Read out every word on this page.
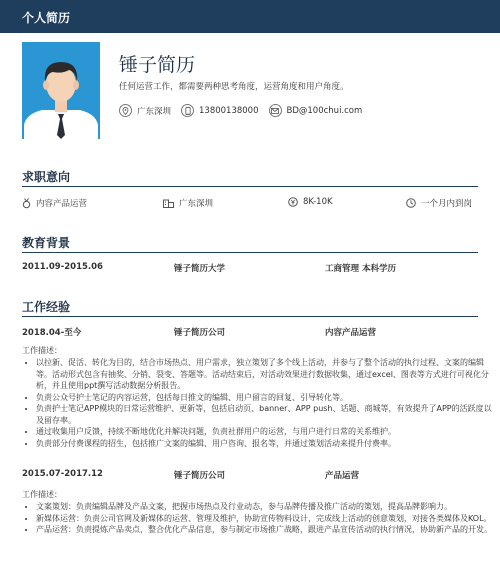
个人简历
锤子简历
任何运营工作，都需要两种思考角度，运营角度和用户角度。
广东深圳	13800138000	BD@100chui.com
求职意向
内容产品运营	广东深圳	8K-10K	一个月内到岗
教育背景
2011.09-2015.06	锤子简历大学	工商管理 本科学历
工作经验
2018.04-至今	锤子简历公司	内容产品运营
工作描述：
• 以拉新、促活、转化为目的，结合市场热点、用户需求，独立策划了多个线上活动，并参与了整个活动的执行过程、文案的编辑等。活动形式包含有抽奖、分销、裂变、答题等。活动结束后，对活动效果进行数据收集，通过excel、图表等方式进行可视化分析，并且使用ppt撰写活动数据分析报告。
• 负责公众号护士笔记的内容运营，包括每日推文的编辑、用户留言的回复、引导转化等。
• 负责护士笔记APP模块的日常运营维护、更新等，包括启动页、banner、APP push、话题、商城等，有效提升了APP的活跃度以及留存率。
• 通过收集用户反馈，持续不断地优化并解决问题，负责社群用户的运营，与用户进行日常的关系维护。
• 负责部分付费课程的招生，包括推广文案的编辑、用户咨询、报名等，并通过策划活动来提升付费率。
2015.07-2017.12	锤子简历公司	产品运营
工作描述：
• 文案策划：负责编辑品牌及产品文案，把握市场热点及行业动态，参与品牌传播及推广活动的策划，提高品牌影响力。
• 新媒体运营：负责公司官网及新媒体的运营、管理及维护，协助宣传物料设计，完成线上活动的创意策划，对接各类媒体及KOL。
• 产品运营：负责提炼产品卖点，整合优化产品信息，参与制定市场推广战略，跟进产品宣传活动的执行情况，协助新产品的开发。
